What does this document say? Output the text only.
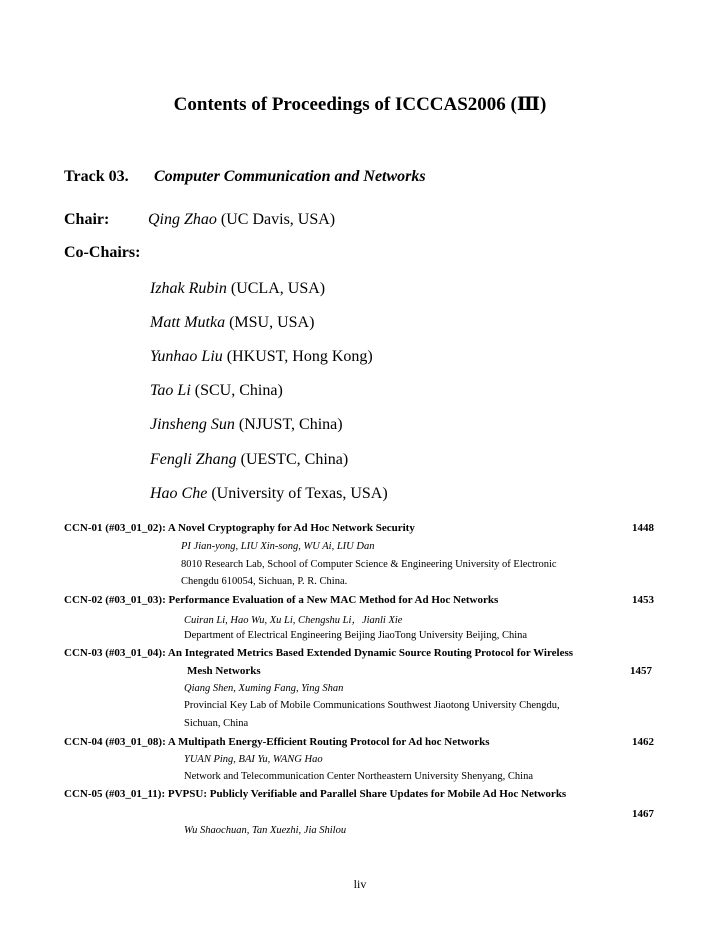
Contents of Proceedings of ICCCAS2006 (Ⅲ)
Track 03. Computer Communication and Networks
Chair: Qing Zhao (UC Davis, USA)
Co-Chairs:
Izhak Rubin (UCLA, USA)
Matt Mutka (MSU, USA)
Yunhao Liu (HKUST, Hong Kong)
Tao Li (SCU, China)
Jinsheng Sun (NJUST, China)
Fengli Zhang (UESTC, China)
Hao Che (University of Texas, USA)
CCN-01 (#03_01_02): A Novel Cryptography for Ad Hoc Network Security	1448
PI Jian-yong, LIU Xin-song, WU Ai, LIU Dan
8010 Research Lab, School of Computer Science & Engineering University of Electronic
Chengdu 610054, Sichuan, P. R. China.
CCN-02 (#03_01_03): Performance Evaluation of a New MAC Method for Ad Hoc Networks	1453
Cuiran Li, Hao Wu, Xu Li, Chengshu Li，Jianli Xie
Department of Electrical Engineering Beijing JiaoTong University Beijing, China
CCN-03 (#03_01_04): An Integrated Metrics Based Extended Dynamic Source Routing Protocol for Wireless
Mesh Networks	1457
Qiang Shen, Xuming Fang, Ying Shan
Provincial Key Lab of Mobile Communications Southwest Jiaotong University Chengdu,
Sichuan, China
CCN-04 (#03_01_08): A Multipath Energy-Efficient Routing Protocol for Ad hoc Networks	1462
YUAN Ping, BAI Yu, WANG Hao
Network and Telecommunication Center Northeastern University Shenyang, China
CCN-05 (#03_01_11): PVPSU: Publicly Verifiable and Parallel Share Updates for Mobile Ad Hoc Networks
1467
Wu Shaochuan, Tan Xuezhi, Jia Shilou
liv
